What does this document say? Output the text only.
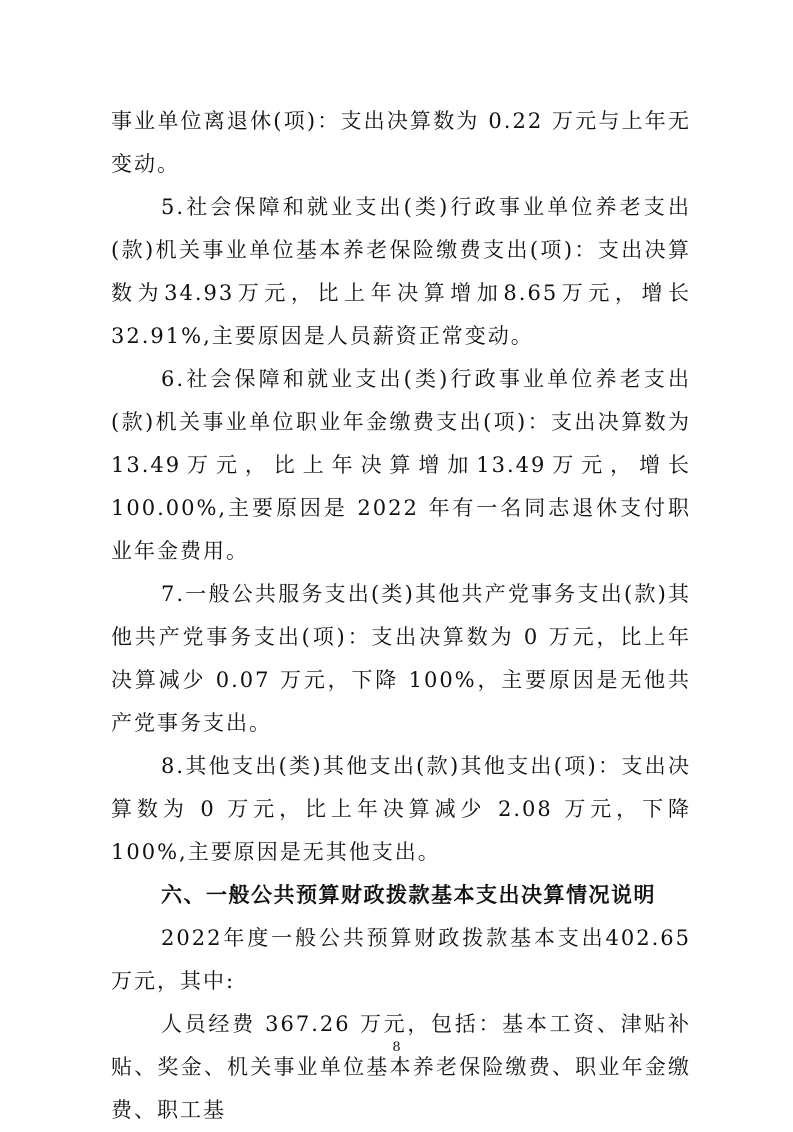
事业单位离退休(项)：支出决算数为 0.22 万元与上年无变动。

5.社会保障和就业支出(类)行政事业单位养老支出(款)机关事业单位基本养老保险缴费支出(项)：支出决算数为34.93万元，比上年决算增加8.65万元，增长32.91%,主要原因是人员薪资正常变动。

6.社会保障和就业支出(类)行政事业单位养老支出(款)机关事业单位职业年金缴费支出(项)：支出决算数为13.49万元，比上年决算增加13.49万元，增长100.00%,主要原因是 2022 年有一名同志退休支付职业年金费用。

7.一般公共服务支出(类)其他共产党事务支出(款)其他共产党事务支出(项)：支出决算数为 0 万元，比上年决算减少 0.07 万元，下降 100%，主要原因是无他共产党事务支出。

8.其他支出(类)其他支出(款)其他支出(项)：支出决算数为 0 万元，比上年决算减少 2.08 万元，下降 100%,主要原因是无其他支出。

六、一般公共预算财政拨款基本支出决算情况说明

2022年度一般公共预算财政拨款基本支出402.65万元，其中:

人员经费 367.26 万元，包括：基本工资、津贴补贴、奖金、机关事业单位基本养老保险缴费、职业年金缴费、职工基

8
